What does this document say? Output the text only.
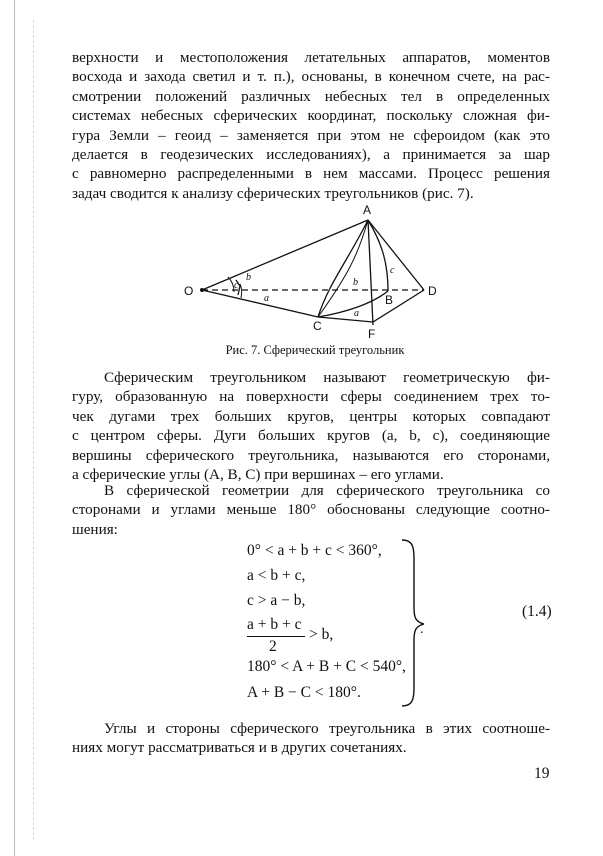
верхности и местоположения летательных аппаратов, моментов
восхода и захода светил и т. п.), основаны, в конечном счете, на рас-
смотрении положений различных небесных тел в определенных
системах небесных сферических координат, поскольку сложная фи-
гура Земли – геоид – заменяется при этом не сфероидом (как это
делается в геодезических исследованиях), а принимается за шар
с равномерно распределенными в нем массами. Процесс решения
задач сводится к анализу сферических треугольников (рис. 7).
O
A
B
C
D
F
c
b
a
b
c
a
Рис. 7. Сферический треугольник
Сферическим треугольником называют геометрическую фи-
гуру, образованную на поверхности сферы соединением трех то-
чек дугами трех больших кругов, центры которых совпадают
с центром сферы. Дуги больших кругов (a, b, c), соединяющие
вершины сферического треугольника, называются его сторонами,
а сферические углы (A, B, C) при вершинах – его углами.
В сферической геометрии для сферического треугольника со
сторонами и углами меньше 180° обоснованы следующие соотно-
шения:
0° < a + b + c < 360°,
a < b + c,
c > a − b,
a + b + c
2
> b,
180° < A + B + C < 540°,
A + B − C < 180°.
.
(1.4)
Углы и стороны сферического треугольника в этих соотноше-
ниях могут рассматриваться и в других сочетаниях.
19
